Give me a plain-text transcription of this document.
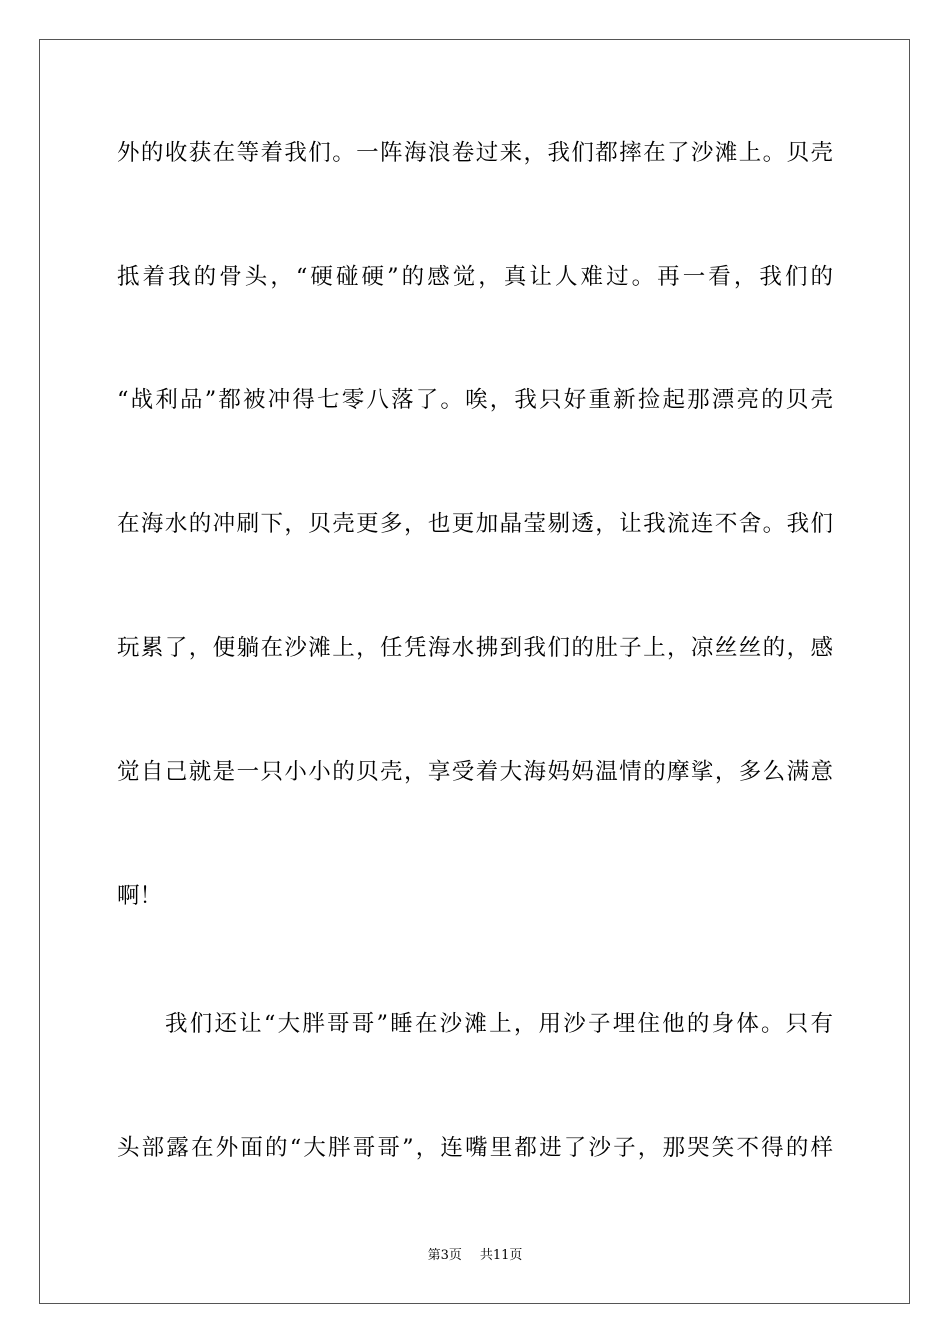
外的收获在等着我们。一阵海浪卷过来，我们都摔在了沙滩上。贝壳
抵着我的骨头，“硬碰硬”的感觉，真让人难过。再一看，我们的
“战利品”都被冲得七零八落了。唉，我只好重新捡起那漂亮的贝壳
在海水的冲刷下，贝壳更多，也更加晶莹剔透，让我流连不舍。我们
玩累了，便躺在沙滩上，任凭海水拂到我们的肚子上，凉丝丝的，感
觉自己就是一只小小的贝壳，享受着大海妈妈温情的摩挲，多么满意
啊！
我们还让“大胖哥哥”睡在沙滩上，用沙子埋住他的身体。只有
头部露在外面的“大胖哥哥”，连嘴里都进了沙子，那哭笑不得的样
第3页 共11页
